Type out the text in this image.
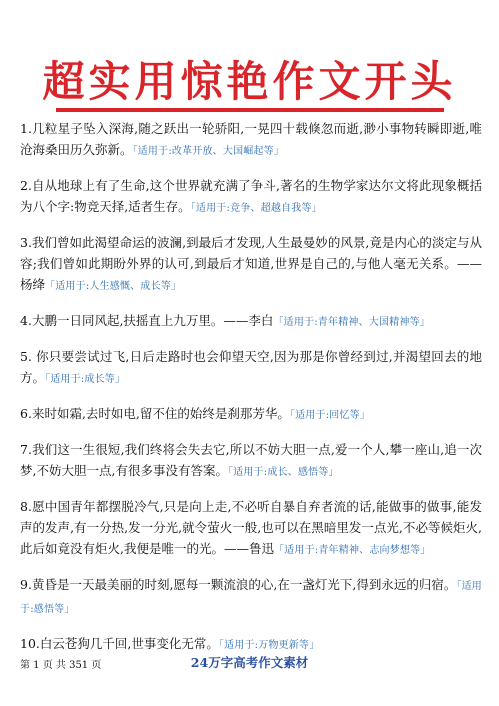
超实用惊艳作文开头
1.几粒星子坠入深海,随之跃出一轮骄阳,一晃四十载倏忽而逝,渺小事物转瞬即逝,唯沧海桑田历久弥新。「适用于:改革开放、大国崛起等」
2.自从地球上有了生命,这个世界就充满了争斗,著名的生物学家达尔文将此现象概括为八个字:物竞天择,适者生存。「适用于:竞争、超越自我等」
3.我们曾如此渴望命运的波澜,到最后才发现,人生最曼妙的风景,竟是内心的淡定与从容;我们曾如此期盼外界的认可,到最后才知道,世界是自己的,与他人毫无关系。——杨绛「适用于:人生感慨、成长等」
4.大鹏一日同风起,扶摇直上九万里。——李白「适用于:青年精神、大国精神等」
5. 你只要尝试过飞,日后走路时也会仰望天空,因为那是你曾经到过,并渴望回去的地方。「适用于:成长等」
6.来时如霜,去时如电,留不住的始终是刹那芳华。「适用于:回忆等」
7.我们这一生很短,我们终将会失去它,所以不妨大胆一点,爱一个人,攀一座山,追一次梦,不妨大胆一点,有很多事没有答案。「适用于:成长、感悟等」
8.愿中国青年都摆脱冷气,只是向上走,不必听自暴自弃者流的话,能做事的做事,能发声的发声,有一分热,发一分光,就令萤火一般,也可以在黑暗里发一点光,不必等候炬火,此后如竟没有炬火,我便是唯一的光。——鲁迅「适用于:青年精神、志向梦想等」
9.黄昏是一天最美丽的时刻,愿每一颗流浪的心,在一盏灯光下,得到永远的归宿。「适用于:感悟等」
10.白云苍狗几千回,世事变化无常。「适用于:万物更新等」
第 1 页 共 351 页	24万字高考作文素材
